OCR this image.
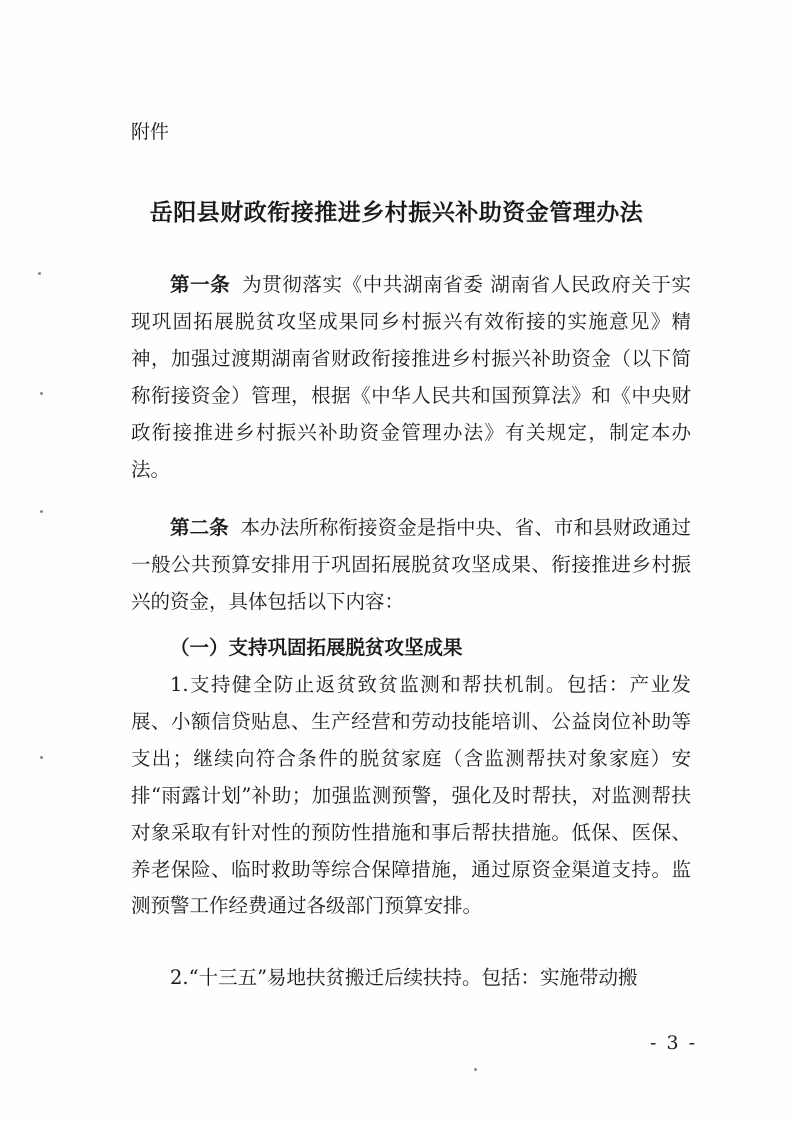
附件
岳阳县财政衔接推进乡村振兴补助资金管理办法

第一条 为贯彻落实《中共湖南省委 湖南省人民政府关于实现巩固拓展脱贫攻坚成果同乡村振兴有效衔接的实施意见》精神，加强过渡期湖南省财政衔接推进乡村振兴补助资金（以下简称衔接资金）管理，根据《中华人民共和国预算法》和《中央财政衔接推进乡村振兴补助资金管理办法》有关规定，制定本办法。

第二条 本办法所称衔接资金是指中央、省、市和县财政通过一般公共预算安排用于巩固拓展脱贫攻坚成果、衔接推进乡村振兴的资金，具体包括以下内容：

（一）支持巩固拓展脱贫攻坚成果

1.支持健全防止返贫致贫监测和帮扶机制。包括：产业发展、小额信贷贴息、生产经营和劳动技能培训、公益岗位补助等支出；继续向符合条件的脱贫家庭（含监测帮扶对象家庭）安排“雨露计划”补助；加强监测预警，强化及时帮扶，对监测帮扶对象采取有针对性的预防性措施和事后帮扶措施。低保、医保、养老保险、临时救助等综合保障措施，通过原资金渠道支持。监测预警工作经费通过各级部门预算安排。

2.“十三五”易地扶贫搬迁后续扶持。包括：实施带动搬

- 3 -
